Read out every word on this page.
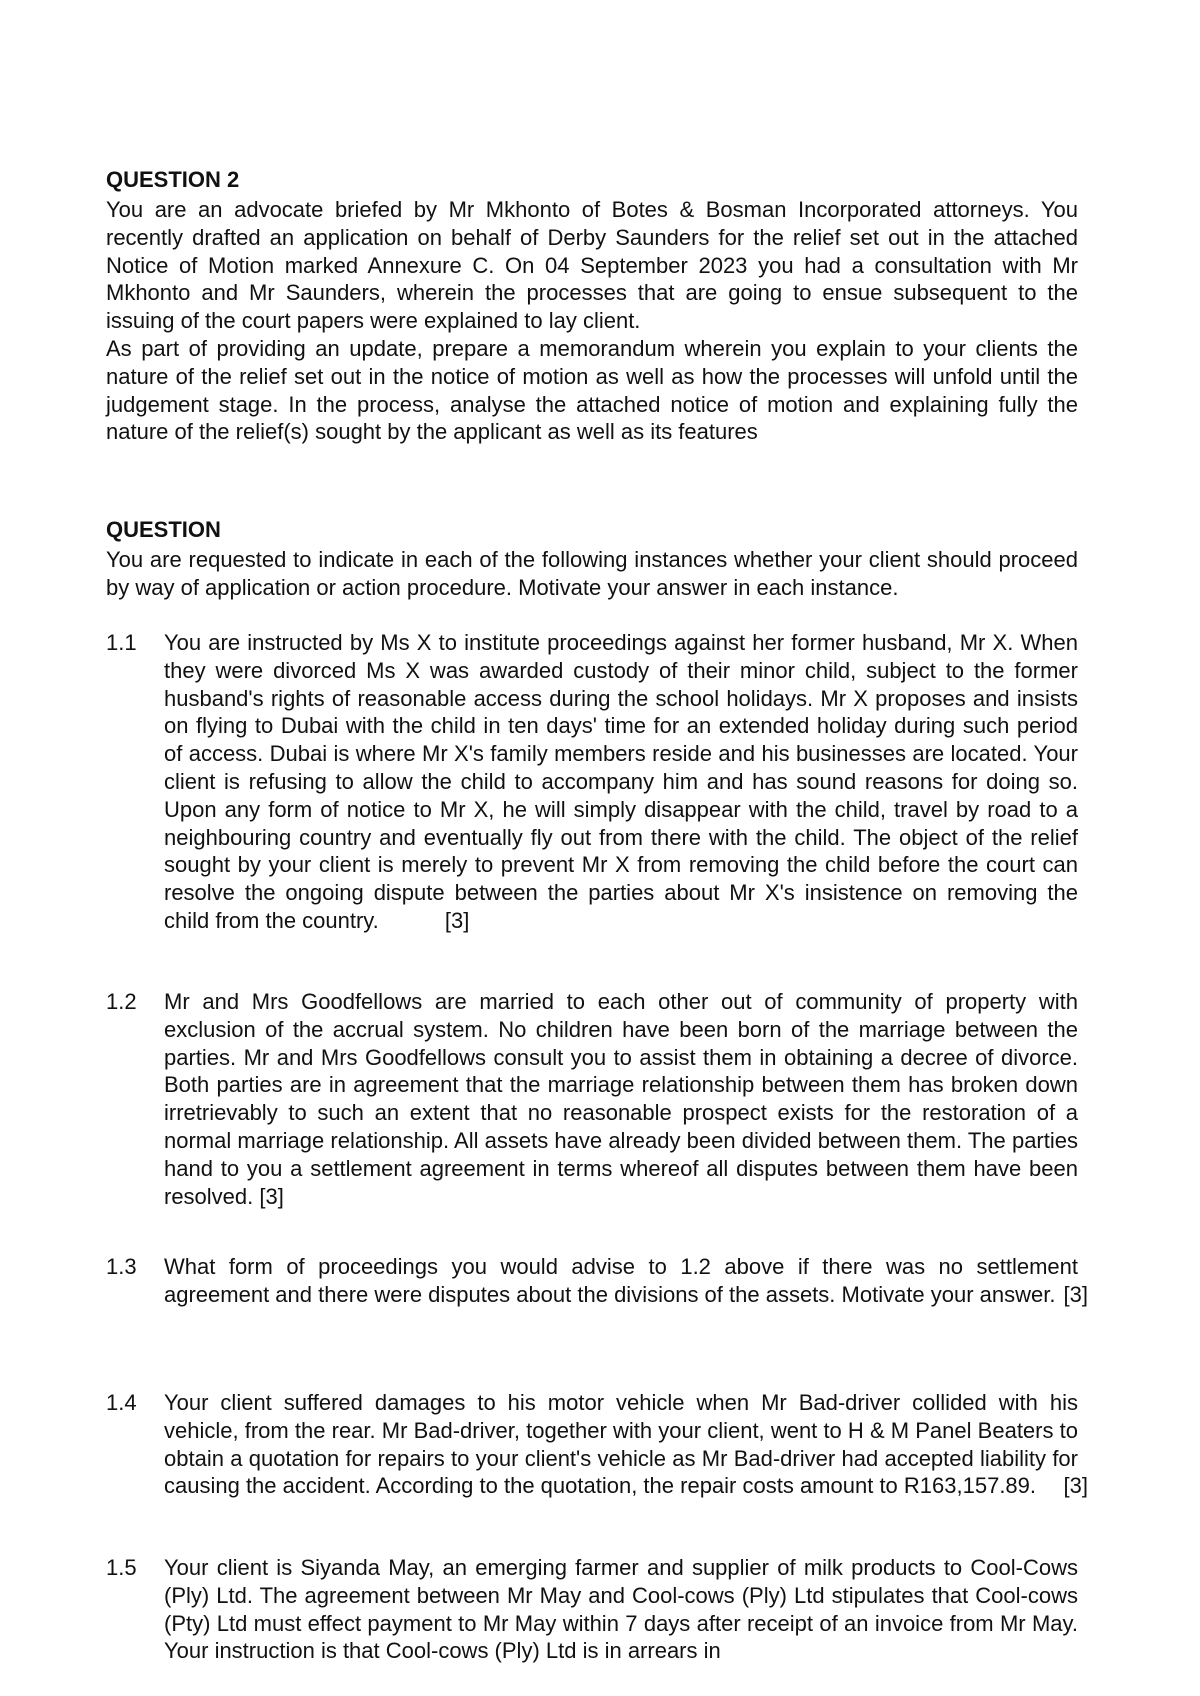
QUESTION 2
You are an advocate briefed by Mr Mkhonto of Botes & Bosman Incorporated attorneys. You recently drafted an application on behalf of Derby Saunders for the relief set out in the attached Notice of Motion marked Annexure C. On 04 September 2023 you had a consultation with Mr Mkhonto and Mr Saunders, wherein the processes that are going to ensue subsequent to the issuing of the court papers were explained to lay client.
As part of providing an update, prepare a memorandum wherein you explain to your clients the nature of the relief set out in the notice of motion as well as how the processes will unfold until the judgement stage. In the process, analyse the attached notice of motion and explaining fully the nature of the relief(s) sought by the applicant as well as its features
QUESTION
You are requested to indicate in each of the following instances whether your client should proceed by way of application or action procedure. Motivate your answer in each instance.
1.1	You are instructed by Ms X to institute proceedings against her former husband, Mr X. When they were divorced Ms X was awarded custody of their minor child, subject to the former husband's rights of reasonable access during the school holidays. Mr X proposes and insists on flying to Dubai with the child in ten days' time for an extended holiday during such period of access. Dubai is where Mr X's family members reside and his businesses are located. Your client is refusing to allow the child to accompany him and has sound reasons for doing so. Upon any form of notice to Mr X, he will simply disappear with the child, travel by road to a neighbouring country and eventually fly out from there with the child. The object of the relief sought by your client is merely to prevent Mr X from removing the child before the court can resolve the ongoing dispute between the parties about Mr X's insistence on removing the child from the country.	[3]
1.2	Mr and Mrs Goodfellows are married to each other out of community of property with exclusion of the accrual system. No children have been born of the marriage between the parties. Mr and Mrs Goodfellows consult you to assist them in obtaining a decree of divorce. Both parties are in agreement that the marriage relationship between them has broken down irretrievably to such an extent that no reasonable prospect exists for the restoration of a normal marriage relationship. All assets have already been divided between them. The parties hand to you a settlement agreement in terms whereof all disputes between them have been resolved. [3]
1.3	What form of proceedings you would advise to 1.2 above if there was no settlement agreement and there were disputes about the divisions of the assets. Motivate your answer. [3]
1.4	Your client suffered damages to his motor vehicle when Mr Bad-driver collided with his vehicle, from the rear. Mr Bad-driver, together with your client, went to H & M Panel Beaters to obtain a quotation for repairs to your client's vehicle as Mr Bad-driver had accepted liability for causing the accident. According to the quotation, the repair costs amount to R163,157.89. [3]
1.5	Your client is Siyanda May, an emerging farmer and supplier of milk products to Cool-Cows (Ply) Ltd. The agreement between Mr May and Cool-cows (Ply) Ltd stipulates that Cool-cows (Pty) Ltd must effect payment to Mr May within 7 days after receipt of an invoice from Mr May. Your instruction is that Cool-cows (Ply) Ltd is in arrears in
